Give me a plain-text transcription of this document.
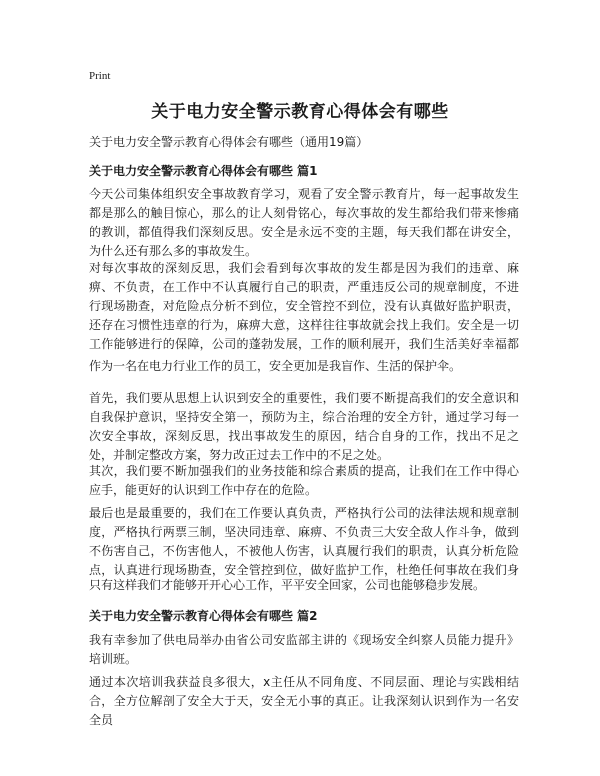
Print
关于电力安全警示教育心得体会有哪些

关于电力安全警示教育心得体会有哪些（通用19篇）

关于电力安全警示教育心得体会有哪些 篇1

今天公司集体组织安全事故教育学习，观看了安全警示教育片，每一起事故发生都是那么的触目惊心，那么的让人刻骨铭心，每次事故的发生都给我们带来惨痛的教训，都值得我们深刻反思。安全是永远不变的主题，每天我们都在讲安全，为什么还有那么多的事故发生。

对每次事故的深刻反思，我们会看到每次事故的发生都是因为我们的违章、麻痹、不负责，在工作中不认真履行自己的职责，严重违反公司的规章制度，不进行现场勘查，对危险点分析不到位，安全管控不到位，没有认真做好监护职责，还存在习惯性违章的行为，麻痹大意，这样往往事故就会找上我们。安全是一切工作能够进行的保障，公司的蓬勃发展，工作的顺利展开，我们生活美好幸福都

作为一名在电力行业工作的员工，安全更加是我盲作、生活的保护伞。

首先，我们要从思想上认识到安全的重要性，我们要不断提高我们的安全意识和自我保护意识，坚持安全第一，预防为主，综合治理的安全方针，通过学习每一次安全事故，深刻反思，找出事故发生的原因，结合自身的工作，找出不足之处，并制定整改方案，努力改正过去工作中的不足之处。

其次，我们要不断加强我们的业务技能和综合素质的提高，让我们在工作中得心应手，能更好的认识到工作中存在的危险。

最后也是最重要的，我们在工作要认真负责，严格执行公司的法律法规和规章制度，严格执行两票三制，坚决同违章、麻痹、不负责三大安全敌人作斗争，做到不伤害自己，不伤害他人，不被他人伤害，认真履行我们的职责，认真分析危险点，认真进行现场勘查，安全管控到位，做好监护工作，杜绝任何事故在我们身

只有这样我们才能够开开心心工作，平平安全回家，公司也能够稳步发展。

关于电力安全警示教育心得体会有哪些 篇2

我有幸参加了供电局举办由省公司安监部主讲的《现场安全纠察人员能力提升》培训班。

通过本次培训我获益良多很大，x主任从不同角度、不同层面、理论与实践相结合，全方位解剖了安全大于天，安全无小事的真正。让我深刻认识到作为一名安全员
